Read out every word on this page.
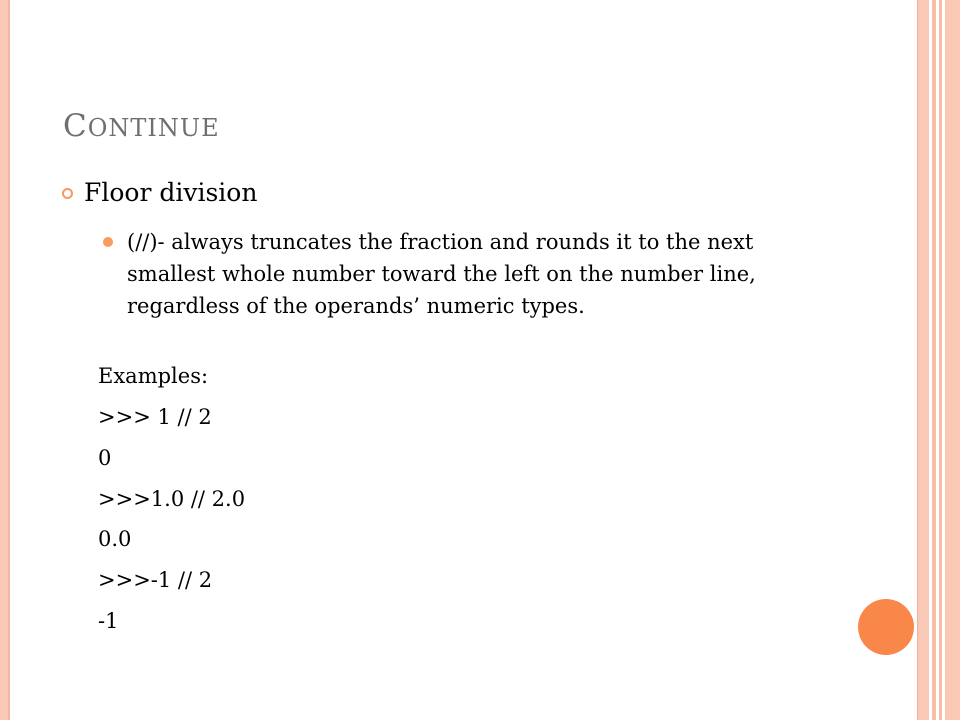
CONTINUE
Floor division
(//)- always truncates the fraction and rounds it to the next smallest whole number toward the left on the number line, regardless of the operands’ numeric types.
Examples:
>>> 1 // 2
0
>>>1.0 // 2.0
0.0
>>>-1 // 2
-1
